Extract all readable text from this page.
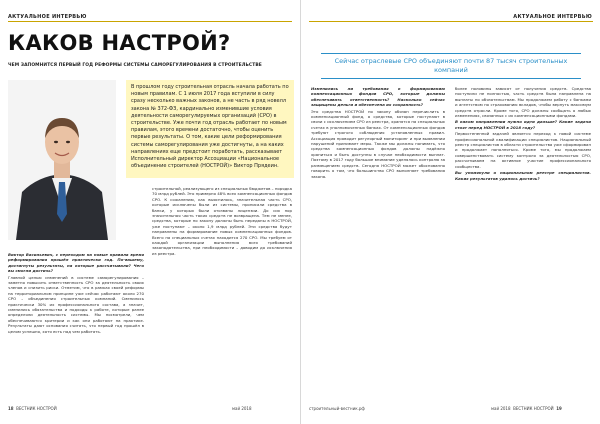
АКТУАЛЬНОЕ ИНТЕРВЬЮ
КАКОВ НАСТРОЙ?
ЧЕМ ЗАПОМНИТСЯ ПЕРВЫЙ ГОД РЕФОРМЫ СИСТЕМЫ САМОРЕГУЛИРОВАНИЯ В СТРОИТЕЛЬСТВЕ

В прошлом году строительная отрасль начала работать по новым правилам. С 1 июля 2017 года вступили в силу сразу несколько важных законов, а не часть в ряд новелл закона № 372-ФЗ, кардинально изменившие условия деятельности саморегулируемых организаций (СРО) в строительстве. Уже почти год отрасль работает по новым правилам, этого времени достаточно, чтобы оценить первые результаты. О том, какие цели реформирования системы саморегулирования уже достигнуты, а на каких направлениях еще предстоит поработать, рассказывает Исполнительный директор Ассоциации «Национальное объединение строителей (НОСТРОЙ)» Виктор Прядеин.

Виктор Васильевич, с переходом на новые правила время реформирования прошёл практически год. По-вашему, достигнуты результаты, на которые рассчитывали? Чего вы смогли достичь?

Главной целью изменений в системе саморегулирования – заметно повысить ответственность СРО за деятельность своих членов и снизить риски. Отметим, что в рамках своей реформы на территориальном принципе уже сейчас работают около 270 СРО – объединения строительных компаний. Сменилось практически 30% их профессионального состава, а значит, сменились обязательства и подходы к работе, которые ранее определяли деятельность системы. Мы посмотрели, чем обеспечиваются критерии и как они работают на практике. Результаты дают основания считать, что первый год прошёл в целом успешно, хотя есть над чем работать.

строительной, реализующего из специальных бюджетов – порядка 70 млрд рублей. Это примерно 48% всех компенсационных фондов СРО. К сожалению, как выяснилось, значительная часть СРО, которые исключены были из системы, прописали средства в банки, у которых были отозваны лицензии. До сих пор значительная часть таких средств не возвращена. Тем не менее, средства, которые по закону должны быть переданы в НОСТРОЙ, уже поступают – около 1,9 млрд рублей. Эти средства будут направлены на формирование новых компенсационных фондов. Всего на специальных счетах находится 270 СРО. Мы требуем от каждой организации выполнения всех требований законодательства, при необходимости – доводим до исключения из реестра.

18 ВЕСТНИК НОСТРОЙ	май 2018
АКТУАЛЬНОЕ ИНТЕРВЬЮ
Сейчас отраслевые СРО объединяют почти 87 тысяч строительных компаний

Изменились ли требования к формированию компенсационных фондов СРО, которые должны обеспечивать ответственность? Насколько сейчас защищены деньги и обеспечена их сохранность?

Это средства НОСТРОЙ по закону обязан перечислить в компенсационный фонд, а средства, которые поступают в связи с исключением СРО из реестра, хранятся на специальных счетах в уполномоченных банках. От компенсационных фондов требуют строгого соблюдения установленных правил. Ассоциация проводит регулярный мониторинг и при выявлении нарушений принимает меры. Также мы должны понимать, что средства компенсационных фондов должны надёжно храниться и быть доступны в случае необходимости выплат. Поэтому в 2017 году большое внимание уделялось контролю за размещением средств. Сегодня НОСТРОЙ может обоснованно говорить о том, что большинство СРО выполняет требования закона.

более половины зависят от получения средств. Средства поступили не полностью, часть средств была направлена на выплаты по обязательствам. Мы продолжаем работу с банками и агентством по страхованию вкладов, чтобы вернуть максимум средств отрасли. Кроме того, СРО должны сообщать о любых изменениях, связанных с их компенсационными фондами.

В каком направлении нужно идти дальше? Какие задачи стоят перед НОСТРОЙ в 2018 году?

Первостепенной задачей является переход к новой системе профессиональной квалификации специалистов. Национальный реестр специалистов в области строительства уже сформирован и продолжает пополняться. Кроме того, мы продолжаем совершенствовать систему контроля за деятельностью СРО, рассчитываем на активное участие профессионального сообщества.

Вы упомянули о национальном реестре специалистов. Каких результатов удалось достичь?

строительный-вестник.рф	май 2018 ВЕСТНИК НОСТРОЙ 19
